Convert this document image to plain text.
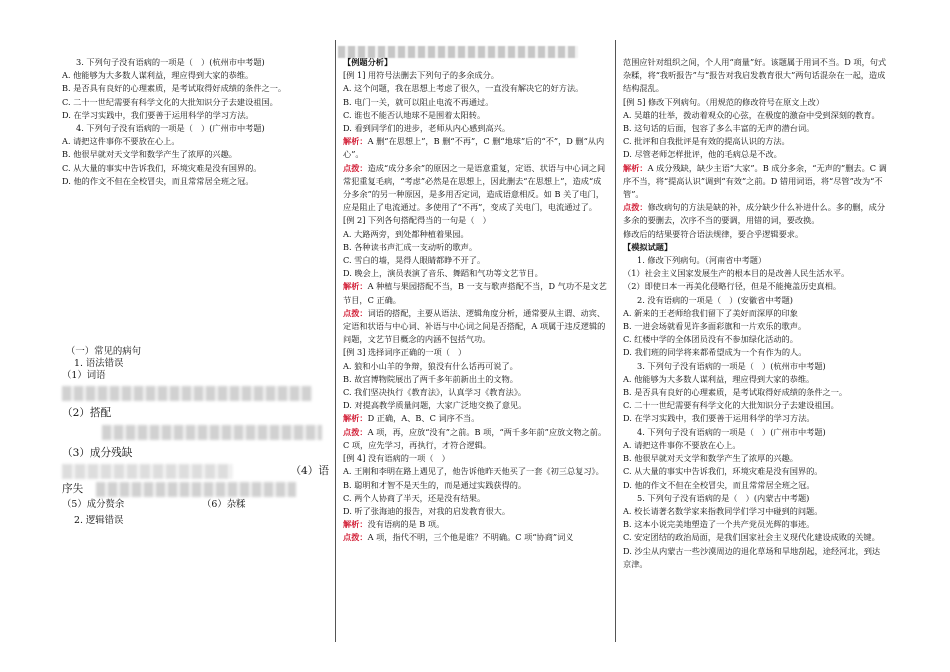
3. 下列句子没有语病的一项是（　）(杭州市中考题)

A. 他能够为大多数人谋利益，理应得到大家的恭维。

B. 是否具有良好的心理素质，是考试取得好成绩的条件之一。

C. 二十一世纪需要有科学文化的大批知识分子去建设祖国。

D. 在学习实践中，我们要善于运用科学的学习方法。

4. 下列句子没有语病的一项是（　）(广州市中考题)

A. 请把这件事你不要放在心上。

B. 他很早就对天文学和数学产生了浓厚的兴趣。

C. 从大量的事实中告诉我们，环境灾难是没有国界的。

D. 他的作文不但在全校冒尖，而且常常居全班之冠。

（一）常见的病句

1. 语法错误

（1）词语

（2）搭配

（3）成分残缺

（4）语
序失
（5）成分赘余	（6）杂糅

2. 逻辑错误

【例题分析】

[例 1] 用符号法删去下列句子的多余成分。

A. 这个问题，我在思想上考虑了很久，一直没有解决它的好方法。

B. 电门一关，就可以阻止电流不再通过。

C. 谁也不能否认地球不是围着太阳转。

D. 看到同学们的进步，老师从内心感到高兴。

解析：A 删“在思想上”，B 删“不再”，C 删“地球”后的“不”，D 删“从内心”。

点拨：造成“成分多余”的原因之一是语意重复，定语、状语与中心词之间常犯重复毛病，“考虑”必然是在思想上，因此删去“在思想上”，造成“成分多余”的另一种原因，是多用否定词，造成语意相反。如 B 关了电门，应是阻止了电流通过。多使用了“不再”，变成了关电门，电流通过了。

[例 2] 下列各句搭配得当的一句是（　）

A. 大路两旁，到处都种植着果园。

B. 各种读书声汇成一支动听的歌声。

C. 雪白的墙，晃得人眼睛都睁不开了。

D. 晚会上，演员表演了音乐、舞蹈和气功等文艺节目。

解析：A 种植与果园搭配不当，B 一支与歌声搭配不当，D 气功不是文艺节目，C 正确。

点拨：词语的搭配，主要从语法、逻辑角度分析，通常要从主谓、动宾、定语和状语与中心词、补语与中心词之间是否搭配，A 项属于违反逻辑的问题，文艺节目概念的内涵不包括气功。

[例 3] 选择词序正确的一项（　）

A. 狼和小山羊的争辩，狼没有什么话再可说了。

B. 故宫博物院展出了两千多年前新出土的文物。

C. 我们坚决执行《教育法》，认真学习《教育法》。

D. 对提高教学质量问题，大家广泛地交换了意见。

解析：D 正确，A、B、C 词序不当。

点拨：A 项，再，应放“没有”之前。B 项，“两千多年前”应放文物之前。C 项，应先学习，再执行，才符合逻辑。

[例 4] 没有语病的一项（　）

A. 王刚和李明在路上遇见了，他告诉他昨天他买了一套《初三总复习》。

B. 聪明和才智不是天生的，而是通过实践获得的。

C. 两个人协商了半天，还是没有结果。

D. 听了张海迪的报告，对我的启发教育很大。

解析：没有语病的是 B 项。

点拨：A 项，指代不明，三个他是谁？不明确。C 项“协商”词义

范围应针对组织之间，个人用“商量”好。该题属于用词不当。D 项，句式杂糅，将“我听报告”与“报告对我启发教育很大”两句话混杂在一起，造成结构混乱。

[例 5] 修改下列病句。（用规范的修改符号在原文上改）

A. 吴雄的壮举，拨动着观众的心弦，在极度的激奋中受到深刻的教育。

B. 这句话的后面，包容了多么丰富的无声的潜台词。

C. 批评和自我批评是有效的提高认识的方法。

D. 尽管老师怎样批评，他的毛病总是不改。

解析：A 成分残缺，缺少主语“大家”。B 成分多余，“无声的”删去。C 调序不当，将“提高认识”调到“有效”之前。D 错用词语，将“尽管”改为“不管”。

点拨：修改病句的方法是缺的补，成分缺少什么补进什么。多的删，成分多余的要删去，次序不当的要调，用错的词，要改换。

修改后的结果要符合语法规律，要合乎逻辑要求。

【模拟试题】

1. 修改下列病句。（河南省中考题）

（1）社会主义国家发展生产的根本目的是改善人民生活水平。

（2）即使日本一再美化侵略行径，但是不能掩盖历史真相。

2. 没有语病的一项是（　）(安徽省中考题)

A. 新来的王老师给我们留下了美好而深厚的印象

B. 一进会场就看见许多面彩旗和一片欢乐的歌声。

C. 红楼中学的全体团员没有不参加绿化活动的。

D. 我们班的同学将来都希望成为一个有作为的人。

3. 下列句子没有语病的一项是（　）(杭州市中考题)

A. 他能够为大多数人谋利益，理应得到大家的恭维。

B. 是否具有良好的心理素质，是考试取得好成绩的条件之一。

C. 二十一世纪需要有科学文化的大批知识分子去建设祖国。

D. 在学习实践中，我们要善于运用科学的学习方法。

4. 下列句子没有语病的一项是（　）(广州市中考题)

A. 请把这件事你不要放在心上。

B. 他很早就对天文学和数学产生了浓厚的兴趣。

C. 从大量的事实中告诉我们，环境灾难是没有国界的。

D. 他的作文不但在全校冒尖，而且常常居全班之冠。

5. 下列句子没有语病的是（　）(内蒙古中考题)

A. 校长请著名数学家来指教同学们学习中碰到的问题。

B. 这本小说完美地塑造了一个共产党员光辉的事迹。

C. 安定团结的政治局面，是我们国家社会主义现代化建设成败的关键。

D. 沙尘从内蒙古一些沙漠周边的退化草场和旱地刮起，途经河北，到达京津。
